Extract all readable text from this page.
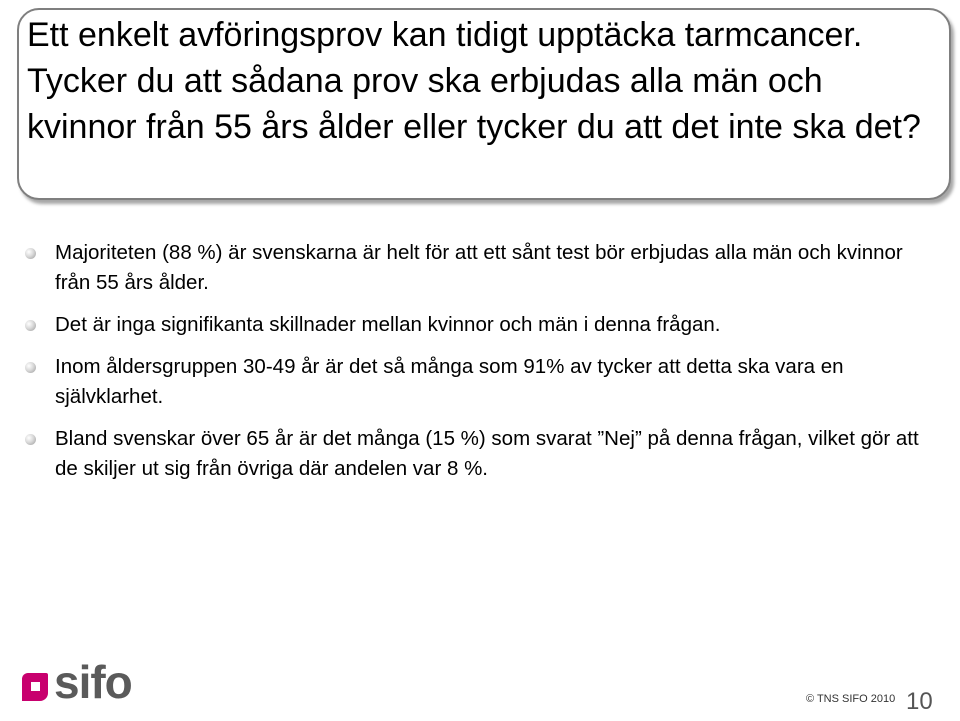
Ett enkelt avföringsprov kan tidigt upptäcka tarmcancer. Tycker du att sådana prov ska erbjudas alla män och kvinnor från 55 års ålder eller tycker du att det inte ska det?
Majoriteten (88 %) är svenskarna är helt för att ett sånt test bör erbjudas alla män och kvinnor från 55 års ålder.
Det är inga signifikanta skillnader mellan kvinnor och män i denna frågan.
Inom åldersgruppen 30-49 år är det så många som 91% av tycker att detta ska vara en självklarhet.
Bland svenskar över 65 år är det många (15 %) som svarat ”Nej” på denna frågan, vilket gör att de skiljer ut sig från övriga där andelen var 8 %.
sifo	© TNS SIFO 2010 10
